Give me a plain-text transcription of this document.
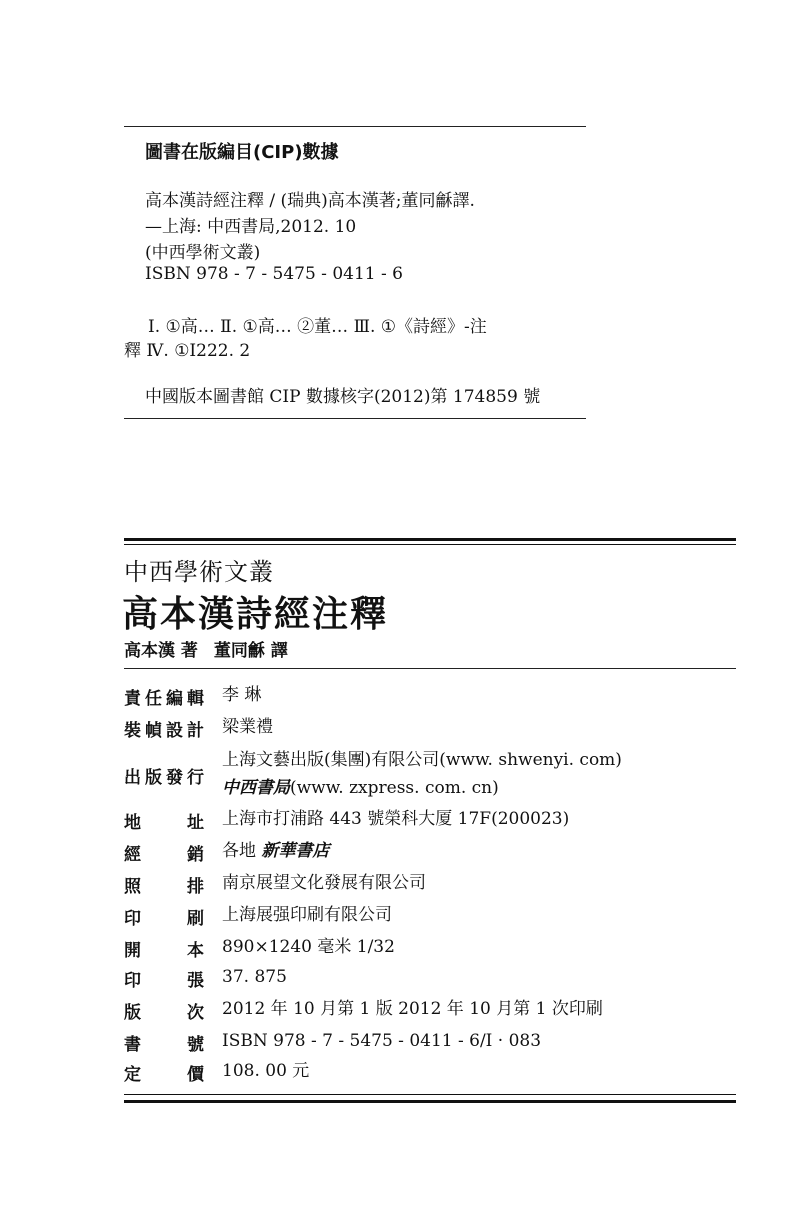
圖書在版編目(CIP)數據
高本漢詩經注釋 / (瑞典)高本漢著;董同龢譯.
—上海: 中西書局,2012. 10
(中西學術文叢)
ISBN 978 - 7 - 5475 - 0411 - 6
Ⅰ. ①高… Ⅱ. ①高… ②董… Ⅲ. ①《詩經》-注
釋 Ⅳ. ①I222. 2
中國版本圖書館 CIP 數據核字(2012)第 174859 號
中西學術文叢
高本漢詩經注釋
高本漢 著 董同龢 譯
責 任 編 輯 李 琳
裝 幀 設 計 梁業禮
出 版 發 行
上海文藝出版(集團)有限公司(www. shwenyi. com)
中西書局(www. zxpress. com. cn)
地	址 上海市打浦路 443 號榮科大厦 17F(200023)
經	銷 各地 新華書店
照	排 南京展望文化發展有限公司
印	刷 上海展强印刷有限公司
開	本 890×1240 毫米 1/32
印	張 37. 875
版	次 2012 年 10 月第 1 版 2012 年 10 月第 1 次印刷
書	號 ISBN 978 - 7 - 5475 - 0411 - 6/I · 083
定	價 108. 00 元
